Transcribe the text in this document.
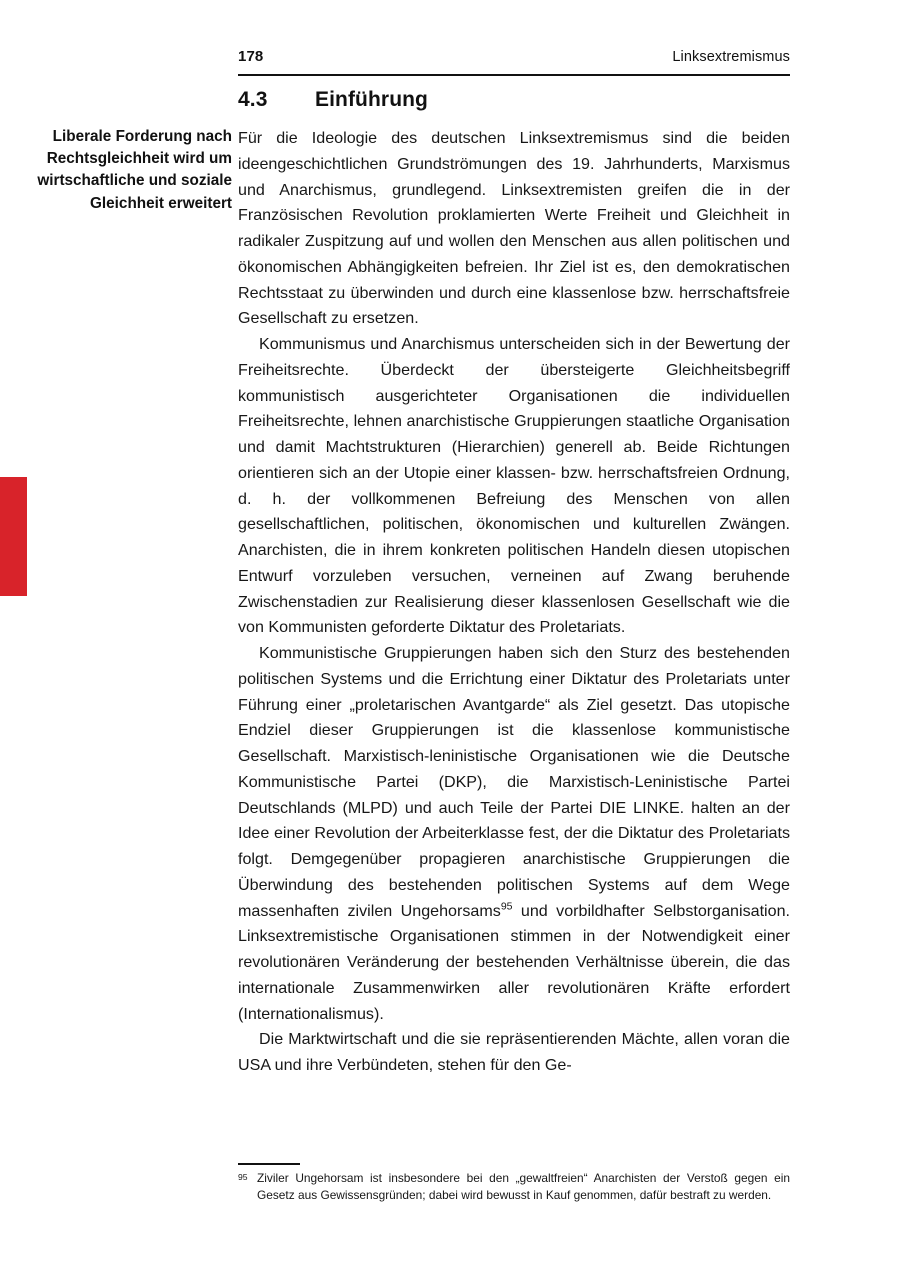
178	Linksextremismus
4.3 Einführung
Liberale Forderung nach Rechtsgleichheit wird um wirtschaftliche und soziale Gleichheit erweitert

Für die Ideologie des deutschen Linksextremismus sind die beiden ideengeschichtlichen Grundströmungen des 19. Jahrhunderts, Marxismus und Anarchismus, grundlegend. Linksextremisten greifen die in der Französischen Revolution proklamierten Werte Freiheit und Gleichheit in radikaler Zuspitzung auf und wollen den Menschen aus allen politischen und ökonomischen Abhängigkeiten befreien. Ihr Ziel ist es, den demokratischen Rechtsstaat zu überwinden und durch eine klassenlose bzw. herrschaftsfreie Gesellschaft zu ersetzen.

Kommunismus und Anarchismus unterscheiden sich in der Bewertung der Freiheitsrechte. Überdeckt der übersteigerte Gleichheitsbegriff kommunistisch ausgerichteter Organisationen die individuellen Freiheitsrechte, lehnen anarchistische Gruppierungen staatliche Organisation und damit Machtstrukturen (Hierarchien) generell ab. Beide Richtungen orientieren sich an der Utopie einer klassen- bzw. herrschaftsfreien Ordnung, d. h. der vollkommenen Befreiung des Menschen von allen gesellschaftlichen, politischen, ökonomischen und kulturellen Zwängen. Anarchisten, die in ihrem konkreten politischen Handeln diesen utopischen Entwurf vorzuleben versuchen, verneinen auf Zwang beruhende Zwischenstadien zur Realisierung dieser klassenlosen Gesellschaft wie die von Kommunisten geforderte Diktatur des Proletariats.

Kommunistische Gruppierungen haben sich den Sturz des bestehenden politischen Systems und die Errichtung einer Diktatur des Proletariats unter Führung einer „proletarischen Avantgarde“ als Ziel gesetzt. Das utopische Endziel dieser Gruppierungen ist die klassenlose kommunistische Gesellschaft. Marxistisch-leninistische Organisationen wie die Deutsche Kommunistische Partei (DKP), die Marxistisch-Leninistische Partei Deutschlands (MLPD) und auch Teile der Partei DIE LINKE. halten an der Idee einer Revolution der Arbeiterklasse fest, der die Diktatur des Proletariats folgt. Demgegenüber propagieren anarchistische Gruppierungen die Überwindung des bestehenden politischen Systems auf dem Wege massenhaften zivilen Ungehorsams$^{95}$ und vorbildhafter Selbstorganisation. Linksextremistische Organisationen stimmen in der Notwendigkeit einer revolutionären Veränderung der bestehenden Verhältnisse überein, die das internationale Zusammenwirken aller revolutionären Kräfte erfordert (Internationalismus).

Die Marktwirtschaft und die sie repräsentierenden Mächte, allen voran die USA und ihre Verbündeten, stehen für den Ge-

95 Ziviler Ungehorsam ist insbesondere bei den „gewaltfreien“ Anarchisten der Verstoß gegen ein Gesetz aus Gewissensgründen; dabei wird bewusst in Kauf genommen, dafür bestraft zu werden.
